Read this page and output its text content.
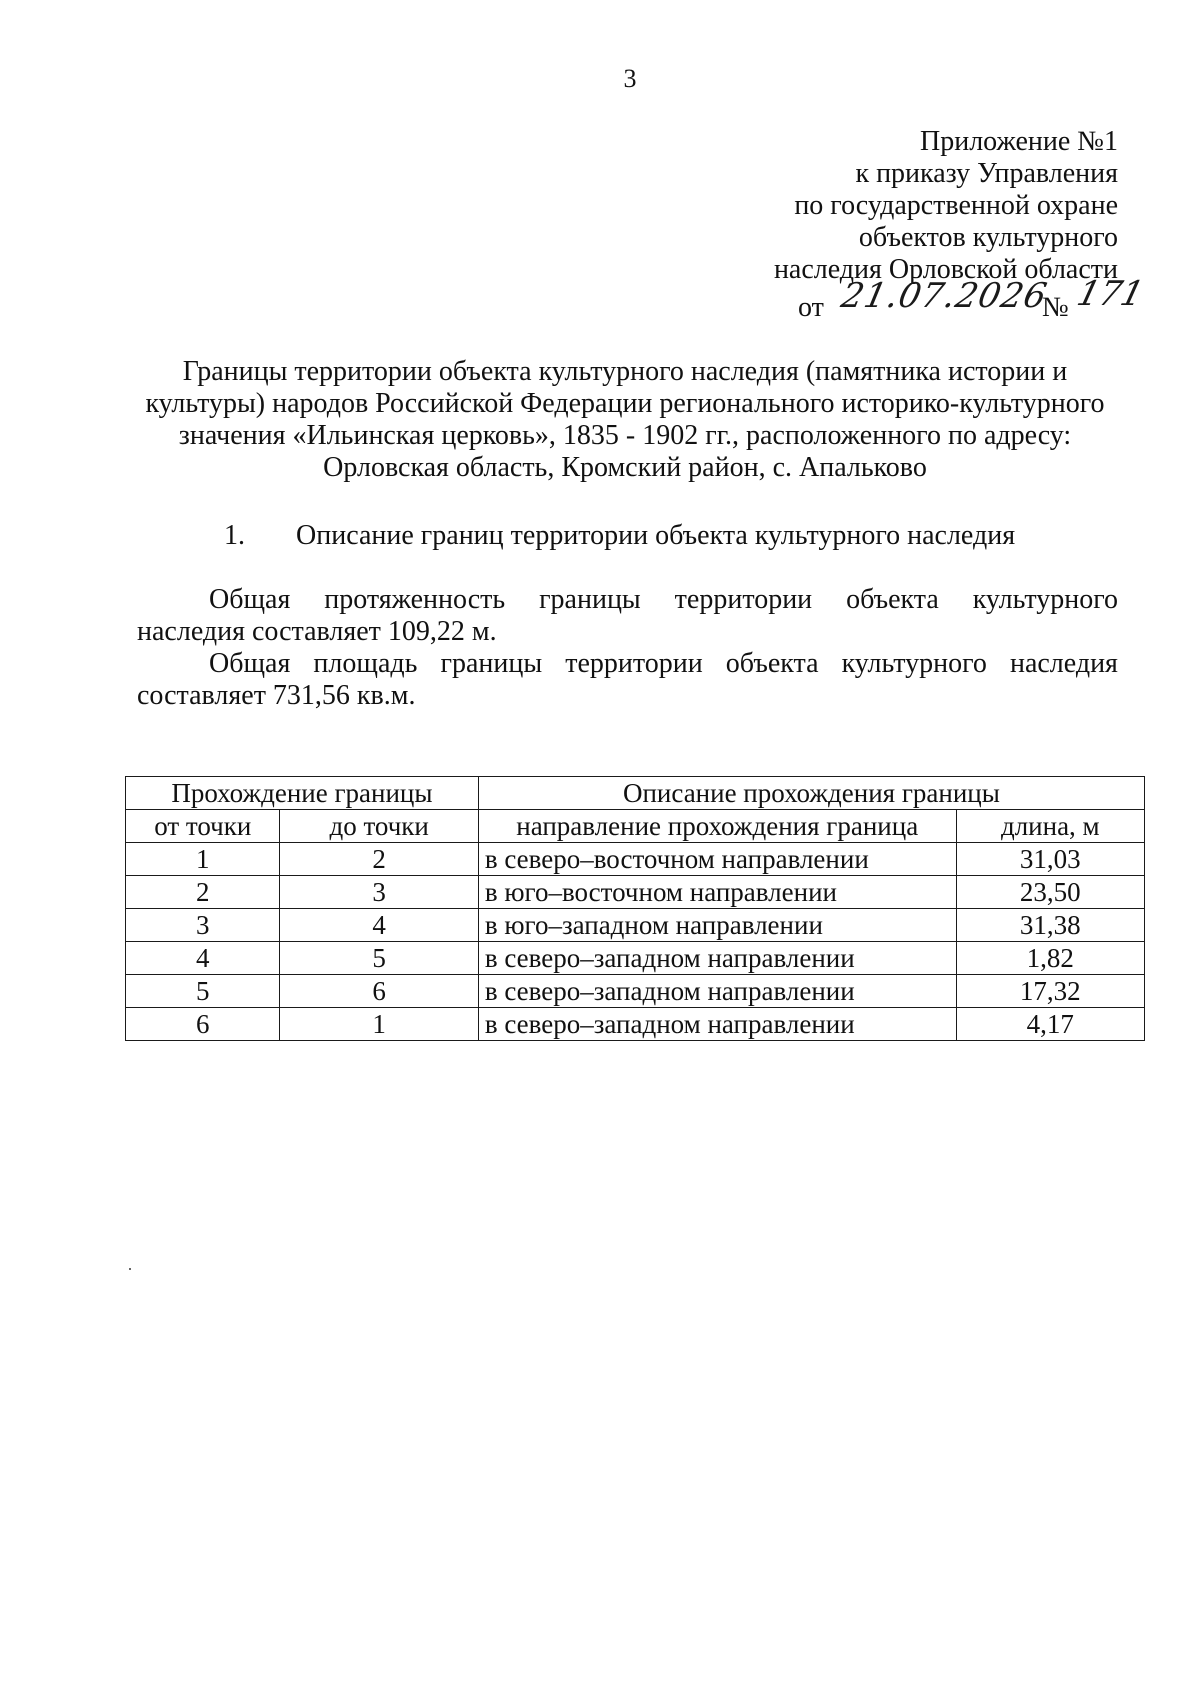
3
Приложение №1
к приказу Управления
по государственной охране
объектов культурного
наследия Орловской области
от 21.07.2026
№ 171
Границы территории объекта культурного наследия (памятника истории и
культуры) народов Российской Федерации регионального историко-культурного
значения «Ильинская церковь», 1835 - 1902 гг., расположенного по адресу:
Орловская область, Кромский район, с. Апальково
1. Описание границ территории объекта культурного наследия
Общая протяженность границы территории объекта культурного
наследия составляет 109,22 м.
Общая площадь границы территории объекта культурного наследия
составляет 731,56 кв.м.
Прохождение границы		Описание прохождения границы	
от точки	до точки	направление прохождения граница	длина, м
1	2	в северо–восточном направлении	31,03
2	3	в юго–восточном направлении	23,50
3	4	в юго–западном направлении	31,38
4	5	в северо–западном направлении	1,82
5	6	в северо–западном направлении	17,32
6	1	в северо–западном направлении	4,17
